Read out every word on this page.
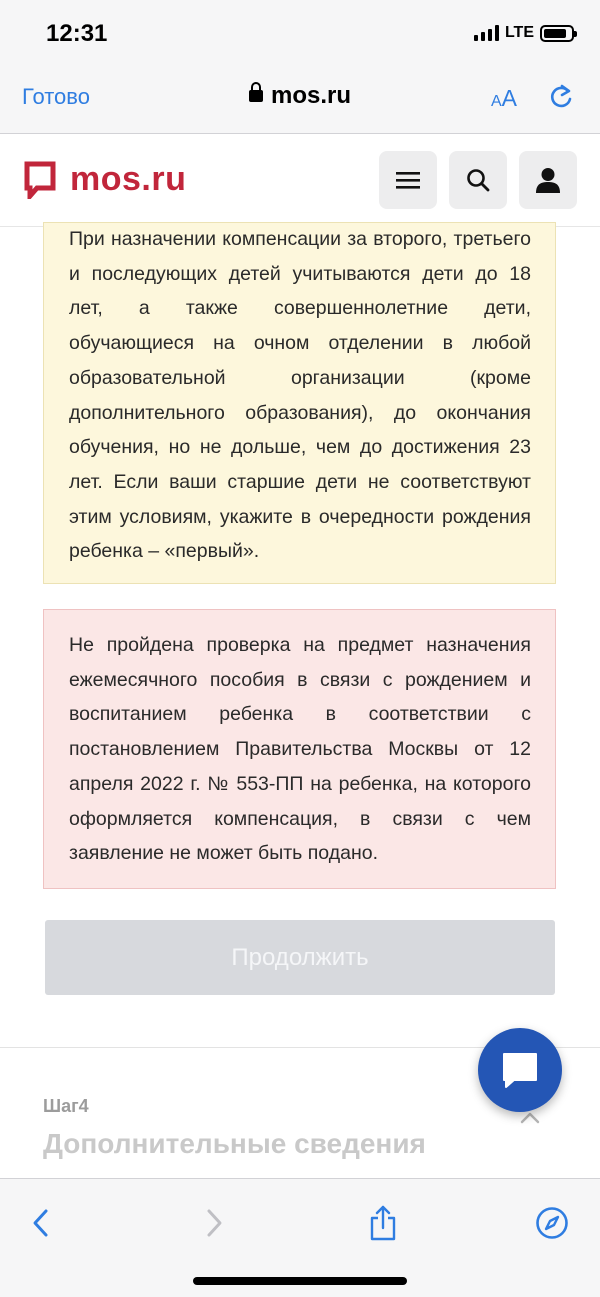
12:31	LTE
Готово	mos.ru	AA
mos.ru

При назначении компенсации за второго, третьего и последующих детей учитываются дети до 18 лет, а также совершеннолетние дети, обучающиеся на очном отделении в любой образовательной организации (кроме дополнительного образования), до окончания обучения, но не дольше, чем до достижения 23 лет. Если ваши старшие дети не соответствуют этим условиям, укажите в очередности рождения ребенка – «первый».

Не пройдена проверка на предмет назначения ежемесячного пособия в связи с рождением и воспитанием ребенка в соответствии с постановлением Правительства Москвы от 12 апреля 2022 г. № 553-ПП на ребенка, на которого оформляется компенсация, в связи с чем заявление не может быть подано.

Продолжить
Шаг4
Дополнительные сведения
